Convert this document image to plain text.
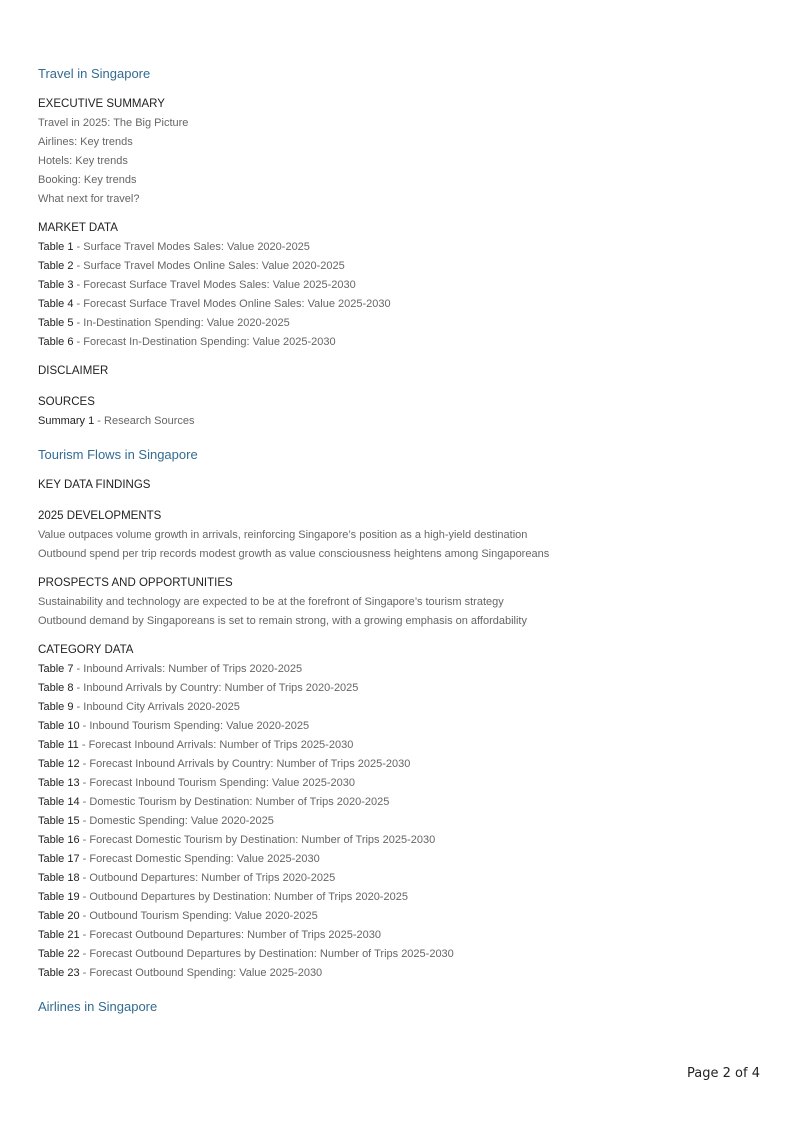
Travel in Singapore
EXECUTIVE SUMMARY
Travel in 2025: The Big Picture
Airlines: Key trends
Hotels: Key trends
Booking: Key trends
What next for travel?
MARKET DATA
Table 1 - Surface Travel Modes Sales: Value 2020-2025
Table 2 - Surface Travel Modes Online Sales: Value 2020-2025
Table 3 - Forecast Surface Travel Modes Sales: Value 2025-2030
Table 4 - Forecast Surface Travel Modes Online Sales: Value 2025-2030
Table 5 - In-Destination Spending: Value 2020-2025
Table 6 - Forecast In-Destination Spending: Value 2025-2030
DISCLAIMER
SOURCES
Summary 1 - Research Sources
Tourism Flows in Singapore
KEY DATA FINDINGS
2025 DEVELOPMENTS
Value outpaces volume growth in arrivals, reinforcing Singapore’s position as a high-yield destination
Outbound spend per trip records modest growth as value consciousness heightens among Singaporeans
PROSPECTS AND OPPORTUNITIES
Sustainability and technology are expected to be at the forefront of Singapore’s tourism strategy
Outbound demand by Singaporeans is set to remain strong, with a growing emphasis on affordability
CATEGORY DATA
Table 7 - Inbound Arrivals: Number of Trips 2020-2025
Table 8 - Inbound Arrivals by Country: Number of Trips 2020-2025
Table 9 - Inbound City Arrivals 2020-2025
Table 10 - Inbound Tourism Spending: Value 2020-2025
Table 11 - Forecast Inbound Arrivals: Number of Trips 2025-2030
Table 12 - Forecast Inbound Arrivals by Country: Number of Trips 2025-2030
Table 13 - Forecast Inbound Tourism Spending: Value 2025-2030
Table 14 - Domestic Tourism by Destination: Number of Trips 2020-2025
Table 15 - Domestic Spending: Value 2020-2025
Table 16 - Forecast Domestic Tourism by Destination: Number of Trips 2025-2030
Table 17 - Forecast Domestic Spending: Value 2025-2030
Table 18 - Outbound Departures: Number of Trips 2020-2025
Table 19 - Outbound Departures by Destination: Number of Trips 2020-2025
Table 20 - Outbound Tourism Spending: Value 2020-2025
Table 21 - Forecast Outbound Departures: Number of Trips 2025-2030
Table 22 - Forecast Outbound Departures by Destination: Number of Trips 2025-2030
Table 23 - Forecast Outbound Spending: Value 2025-2030
Airlines in Singapore
Page 2 of 4
